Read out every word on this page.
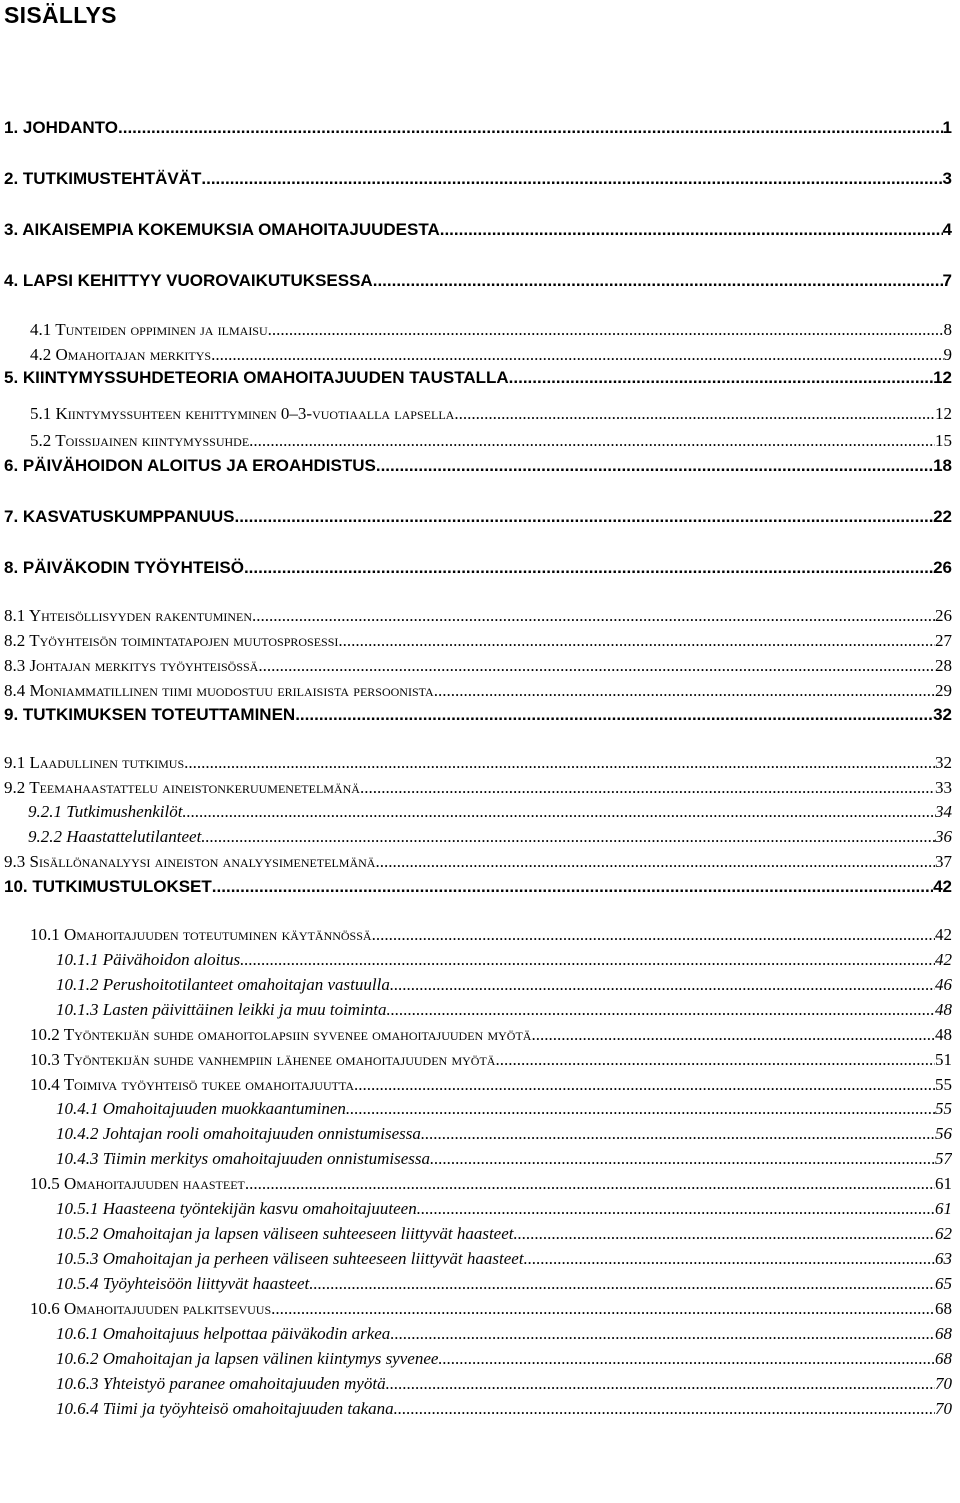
SISÄLLYS
1. JOHDANTO .....	1
2. TUTKIMUSTEHTÄVÄT .....	3
3. AIKAISEMPIA KOKEMUKSIA OMAHOITAJUUDESTA .....	4
4. LAPSI KEHITTYY VUOROVAIKUTUKSESSA .....	7
4.1 Tunteiden oppiminen ja ilmaisu .....	8
4.2 Omahoitajan merkitys .....	9
5. KIINTYMYSSUHDETEORIA OMAHOITAJUUDEN TAUSTALLA .....	12
5.1 Kiintymyssuhteen kehittyminen 0–3-vuotiaalla lapsella .....	12
5.2 Toissijainen kiintymyssuhde .....	15
6. PÄIVÄHOIDON ALOITUS JA EROAHDISTUS .....	18
7. KASVATUSKUMPPANUUS .....	22
8. PÄIVÄKODIN TYÖYHTEISÖ .....	26
8.1 Yhteisöllisyyden rakentuminen .....	26
8.2 Työyhteisön toimintatapojen muutosprosessi .....	27
8.3 Johtajan merkitys työyhteisössä .....	28
8.4 Moniammatillinen tiimi muodostuu erilaisista persoonista .....	29
9. TUTKIMUKSEN TOTEUTTAMINEN .....	32
9.1 Laadullinen tutkimus .....	32
9.2 Teemahaastattelu aineistonkeruumenetelmänä .....	33
9.2.1 Tutkimushenkilöt .....	34
9.2.2 Haastattelutilanteet .....	36
9.3 Sisällönanalyysi aineiston analyysimenetelmänä .....	37
10. TUTKIMUSTULOKSET .....	42
10.1 Omahoitajuuden toteutuminen käytännössä .....	42
10.1.1 Päivähoidon aloitus .....	42
10.1.2 Perushoitotilanteet omahoitajan vastuulla .....	46
10.1.3 Lasten päivittäinen leikki ja muu toiminta .....	48
10.2 Työntekijän suhde omahoitolapsiin syvenee omahoitajuuden myötä .....	48
10.3 Työntekijän suhde vanhempiin lähenee omahoitajuuden myötä .....	51
10.4 Toimiva työyhteisö tukee omahoitajuutta .....	55
10.4.1 Omahoitajuuden muokkaantuminen .....	55
10.4.2 Johtajan rooli omahoitajuuden onnistumisessa .....	56
10.4.3 Tiimin merkitys omahoitajuuden onnistumisessa .....	57
10.5 Omahoitajuuden haasteet .....	61
10.5.1 Haasteena työntekijän kasvu omahoitajuuteen .....	61
10.5.2 Omahoitajan ja lapsen väliseen suhteeseen liittyvät haasteet .....	62
10.5.3 Omahoitajan ja perheen väliseen suhteeseen liittyvät haasteet .....	63
10.5.4 Työyhteisöön liittyvät haasteet .....	65
10.6 Omahoitajuuden palkitsevuus .....	68
10.6.1 Omahoitajuus helpottaa päiväkodin arkea .....	68
10.6.2 Omahoitajan ja lapsen välinen kiintymys syvenee .....	68
10.6.3 Yhteistyö paranee omahoitajuuden myötä .....	70
10.6.4 Tiimi ja työyhteisö omahoitajuuden takana .....	70
